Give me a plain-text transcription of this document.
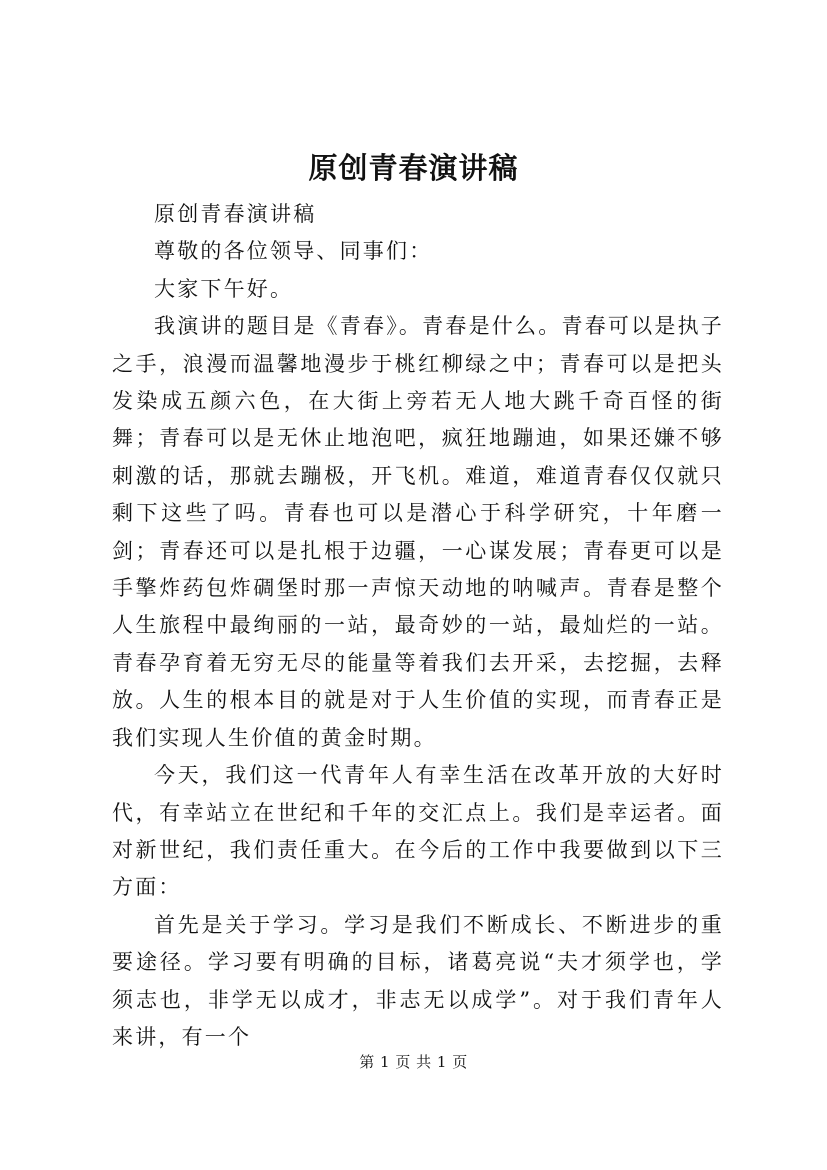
原创青春演讲稿

原创青春演讲稿

尊敬的各位领导、同事们：

大家下午好。

我演讲的题目是《青春》。青春是什么。青春可以是执子之手，浪漫而温馨地漫步于桃红柳绿之中；青春可以是把头发染成五颜六色，在大街上旁若无人地大跳千奇百怪的街舞；青春可以是无休止地泡吧，疯狂地蹦迪，如果还嫌不够刺激的话，那就去蹦极，开飞机。难道，难道青春仅仅就只剩下这些了吗。青春也可以是潜心于科学研究，十年磨一剑；青春还可以是扎根于边疆，一心谋发展；青春更可以是手擎炸药包炸碉堡时那一声惊天动地的呐喊声。青春是整个人生旅程中最绚丽的一站，最奇妙的一站，最灿烂的一站。青春孕育着无穷无尽的能量等着我们去开采，去挖掘，去释放。人生的根本目的就是对于人生价值的实现，而青春正是我们实现人生价值的黄金时期。

今天，我们这一代青年人有幸生活在改革开放的大好时代，有幸站立在世纪和千年的交汇点上。我们是幸运者。面对新世纪，我们责任重大。在今后的工作中我要做到以下三方面：

首先是关于学习。学习是我们不断成长、不断进步的重要途径。学习要有明确的目标，诸葛亮说“夫才须学也，学须志也，非学无以成才，非志无以成学”。对于我们青年人来讲，有一个

第 1 页 共 1 页
